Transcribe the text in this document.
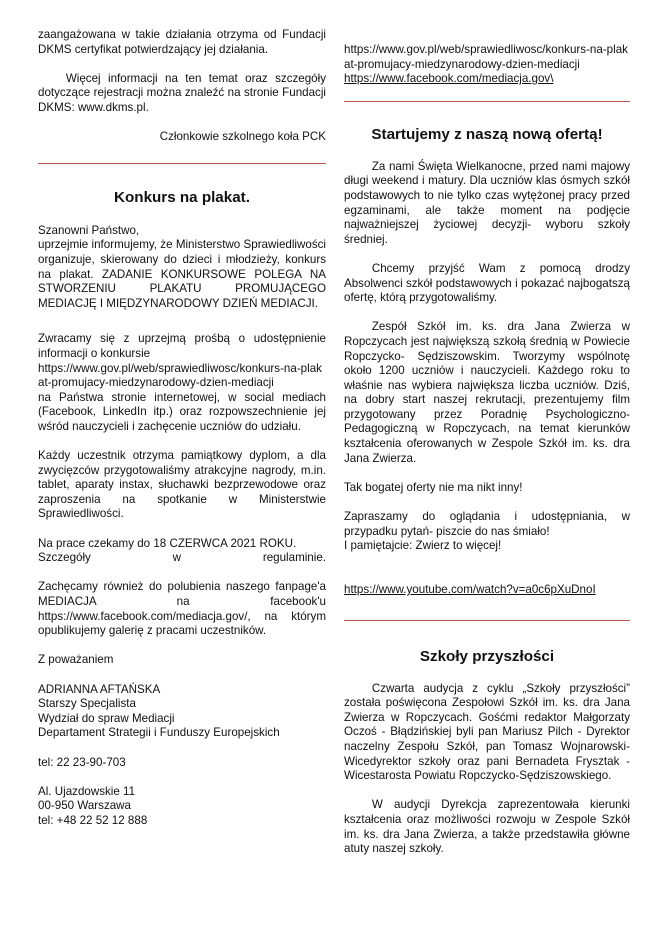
zaangażowana w takie działania otrzyma od Fundacji DKMS certyfikat potwierdzający jej działania.

Więcej informacji na ten temat oraz szczegóły dotyczące rejestracji można znaleźć na stronie Fundacji DKMS: www.dkms.pl.

Członkowie szkolnego koła PCK

Konkurs na plakat.
Szanowni Państwo,
uprzejmie informujemy, że Ministerstwo Sprawiedliwości organizuje, skierowany do dzieci i młodzieży, konkurs na plakat. ZADANIE KONKURSOWE POLEGA NA STWORZENIU PLAKATU PROMUJĄCEGO MEDIACJĘ I MIĘDZYNARODOWY DZIEŃ MEDIACJI.
Zwracamy się z uprzejmą prośbą o udostępnienie informacji o konkursie
https://www.gov.pl/web/sprawiedliwosc/konkurs-na-plakat-promujacy-miedzynarodowy-dzien-mediacji
na Państwa stronie internetowej, w social mediach (Facebook, LinkedIn itp.) oraz rozpowszechnienie jej wśród nauczycieli i zachęcenie uczniów do udziału.

Każdy uczestnik otrzyma pamiątkowy dyplom, a dla zwycięzców przygotowaliśmy atrakcyjne nagrody, m.in. tablet, aparaty instax, słuchawki bezprzewodowe oraz zaproszenia na spotkanie w Ministerstwie Sprawiedliwości.

Na prace czekamy do 18 CZERWCA 2021 ROKU.
Szczegóły w regulaminie.

Zachęcamy również do polubienia naszego fanpage'a MEDIACJA na facebook'u https://www.facebook.com/mediacja.gov/, na którym opublikujemy galerię z pracami uczestników.

Z poważaniem

ADRIANNA AFTAŃSKA
Starszy Specjalista
Wydział do spraw Mediacji
Departament Strategii i Funduszy Europejskich

tel: 22 23-90-703

Al. Ujazdowskie 11
00-950 Warszawa
tel: +48 22 52 12 888
https://www.gov.pl/web/sprawiedliwosc/konkurs-na-plakat-promujacy-miedzynarodowy-dzien-mediacji
https://www.facebook.com/mediacja.gov\
Startujemy z naszą nową ofertą!

Za nami Święta Wielkanocne, przed nami majowy długi weekend i matury. Dla uczniów klas ósmych szkół podstawowych to nie tylko czas wytężonej pracy przed egzaminami, ale także moment na podjęcie najważniejszej życiowej decyzji- wyboru szkoły średniej.

Chcemy przyjść Wam z pomocą drodzy Absolwenci szkół podstawowych i pokazać najbogatszą ofertę, którą przygotowaliśmy.

Zespół Szkół im. ks. dra Jana Zwierza w Ropczycach jest największą szkołą średnią w Powiecie Ropczycko- Sędziszowskim. Tworzymy wspólnotę około 1200 uczniów i nauczycieli. Każdego roku to właśnie nas wybiera największa liczba uczniów. Dziś, na dobry start naszej rekrutacji, prezentujemy film przygotowany przez Poradnię Psychologiczno-Pedagogiczną w Ropczycach, na temat kierunków kształcenia oferowanych w Zespole Szkół im. ks. dra Jana Zwierza.

Tak bogatej oferty nie ma nikt inny!

Zapraszamy do oglądania i udostępniania, w przypadku pytań- piszcie do nas śmiało!
I pamiętajcie: Zwierz to więcej!

https://www.youtube.com/watch?v=a0c6pXuDnoI

Szkoły przyszłości

Czwarta audycja z cyklu „Szkoły przyszłości” została poświęcona Zespołowi Szkół im. ks. dra Jana Zwierza w Ropczycach. Gośćmi redaktor Małgorzaty Oczoś - Błądzińskiej byli pan Mariusz Pilch - Dyrektor naczelny Zespołu Szkół, pan Tomasz Wojnarowski- Wicedyrektor szkoły oraz pani Bernadeta Frysztak - Wicestarosta Powiatu Ropczycko-Sędziszowskiego.

W audycji Dyrekcja zaprezentowała kierunki kształcenia oraz możliwości rozwoju w Zespole Szkół im. ks. dra Jana Zwierza, a także przedstawiła główne atuty naszej szkoły.
